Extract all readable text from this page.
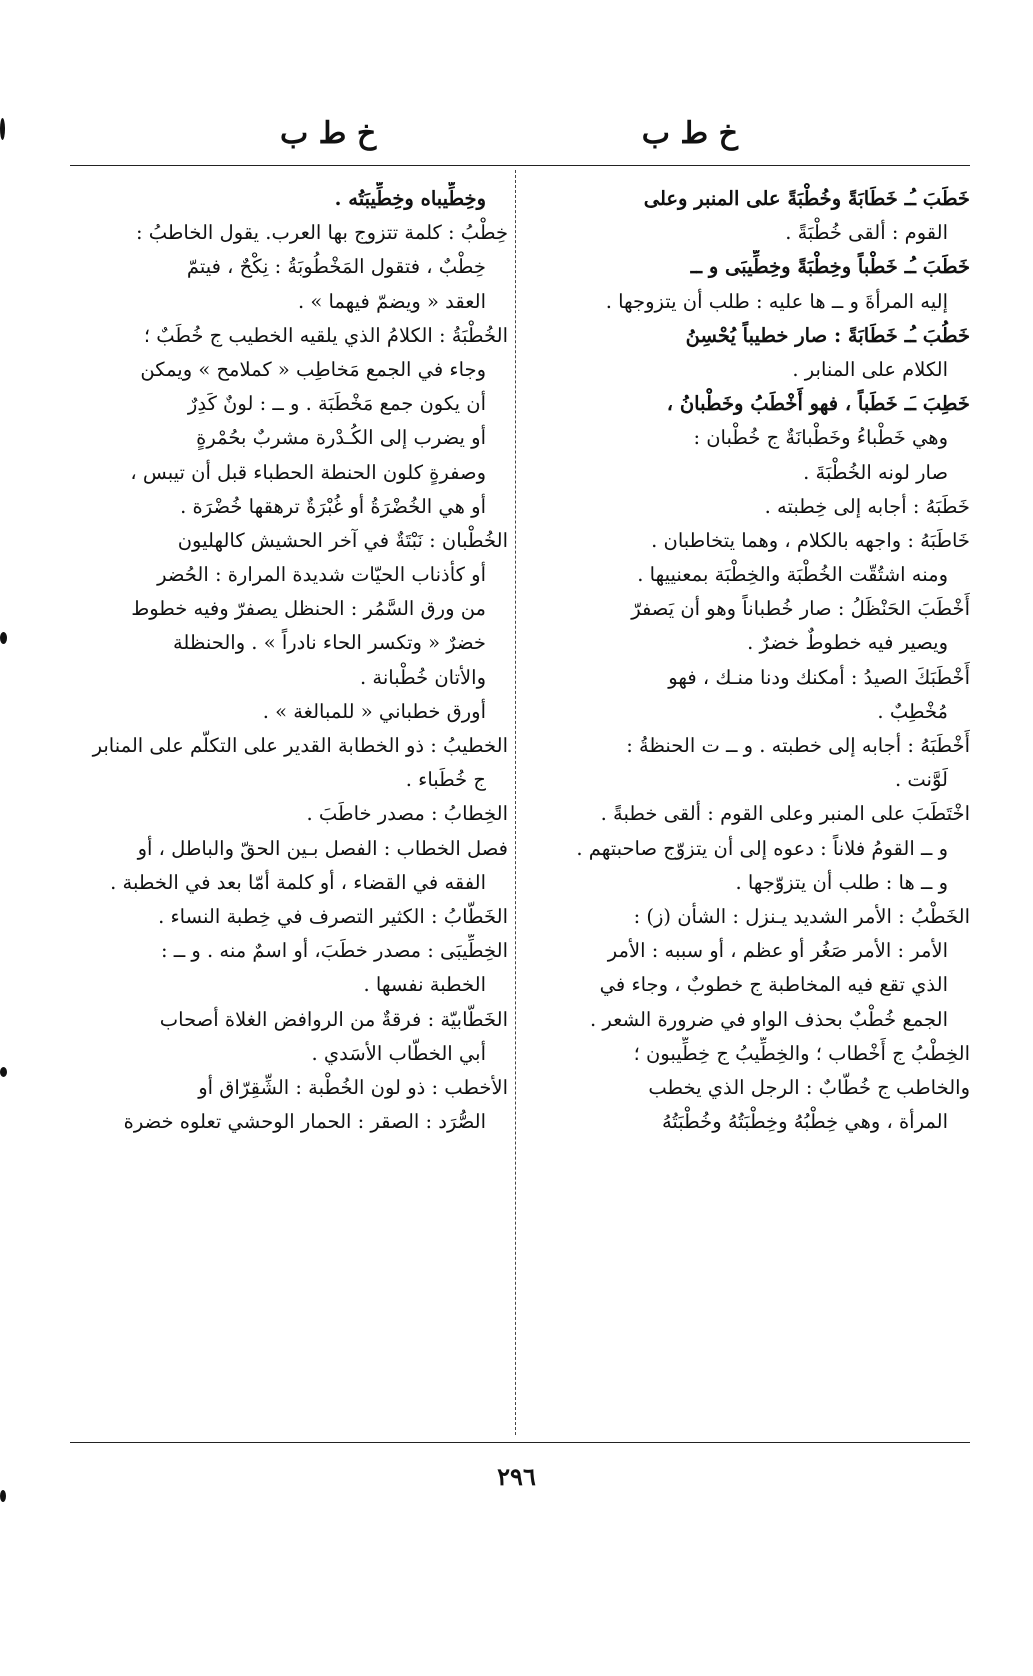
خ ط ب
خ ط ب
خَطَبَ ـُـ خَطَابَةً وخُطْبَةً على المنبر وعلى
القوم : ألقى خُطْبَةً .
خَطَبَ ـُـ خَطْباً وخِطْبَةً وخِطِّيبَى و ــ
إليه المرأةَ و ــ ها عليه : طلب أن يتزوجها .
خَطُبَ ـُـ خَطَابَةً : صار خطيباً يُحْسِنُ
الكلام على المنابر .
خَطِبَ ـَـ خَطَباً ، فهو أَخْطَبُ وخَطْبانُ ،
وهي خَطْباءُ وخَطْبانَةٌ ج خُطْبان :
صار لونه الخُطْبَةَ .
خَطَبَهُ : أجابه إلى خِطبته .
خَاطَبَهُ : واجهه بالكلام ، وهما يتخاطبان .
ومنه اشتُقّت الخُطْبَة والخِطْبَة بمعنييها .
أَخْطَبَ الحَنْظَلُ : صار خُطباناً وهو أن يَصفرّ
ويصير فيه خطوطٌ خضرٌ .
أَخْطَبَكَ الصيدُ : أمكنك ودنا منـك ، فهو
مُخْطِبٌ .
أَخْطَبَهُ : أجابه إلى خطبته . و ــ ت الحنظةُ :
لَوَّنت .
اخْتَطَبَ على المنبر وعلى القوم : ألقى خطبةً .
و ــ القومُ فلاناً : دعوه إلى أن يتزوّج صاحبتهم .
و ــ ها : طلب أن يتزوّجها .
الخَطْبُ : الأمر الشديد يـنزل : الشأن (ز) :
الأمر : الأمر صَغُر أو عظم ، أو سببه : الأمر
الذي تقع فيه المخاطبة ج خطوبٌ ، وجاء في
الجمع خُطْبٌ بحذف الواو في ضرورة الشعر .
الخِطْبُ ج أَخْطاب ؛ والخِطِّيبُ ج خِطِّيبون ؛
والخاطب ج خُطّابٌ : الرجل الذي يخطب
المرأة ، وهي خِطْبُهُ وخِطْبَتُهُ وخُطْبَتُهُ
وخِطِّيباه وخِطِّيبَتُه .
خِطْبُ : كلمة تتزوج بها العرب. يقول الخاطبُ :
خِطْبٌ ، فتقول المَخْطُوبَةُ : نِكْحٌ ، فيتمّ
العقد « ويضمّ فيهما » .
الخُطْبَةُ : الكلامُ الذي يلقيه الخطيب ج خُطَبٌ ؛
وجاء في الجمع مَخاطِب « كملامح » ويمكن
أن يكون جمع مَخْطَبَة . و ــ : لونٌ كَدِرٌ
أو يضرب إلى الكُـدْرة مشربٌ بحُمْرةٍ
وصفرةٍ كلون الحنطة الحطباء قبل أن تيبس ،
أو هي الخُضْرَةُ أو غُبْرَةٌ ترهقها خُضْرَة .
الخُطْبان : نَبْتَةٌ في آخر الحشيش كالهليون
أو كأذناب الحيّات شديدة المرارة : الحُضر
من ورق السَّمُر : الحنظل يصفرّ وفيه خطوط
خضرٌ « وتكسر الحاء نادراً » . والحنظلة
والأتان خُطْبانة .
أورق خطباني « للمبالغة » .
الخطيبُ : ذو الخطابة القدير على التكلّم على المنابر
ج خُطَباء .
الخِطابُ : مصدر خاطَبَ .
فصل الخطاب : الفصل بـين الحقّ والباطل ، أو
الفقه في القضاء ، أو كلمة أمّا بعد في الخطبة .
الخَطّابُ : الكثير التصرف في خِطبة النساء .
الخِطِّيبَى : مصدر خطَبَ، أو اسمٌ منه . و ــ :
الخطبة نفسها .
الخَطّابيّة : فرقةٌ من الروافض الغلاة أصحاب
أبي الخطّاب الأسَدي .
الأخطب : ذو لون الخُطْبة : الشِّقِرّاق أو
الصُّرَد : الصقر : الحمار الوحشي تعلوه خضرة
٢٩٦
